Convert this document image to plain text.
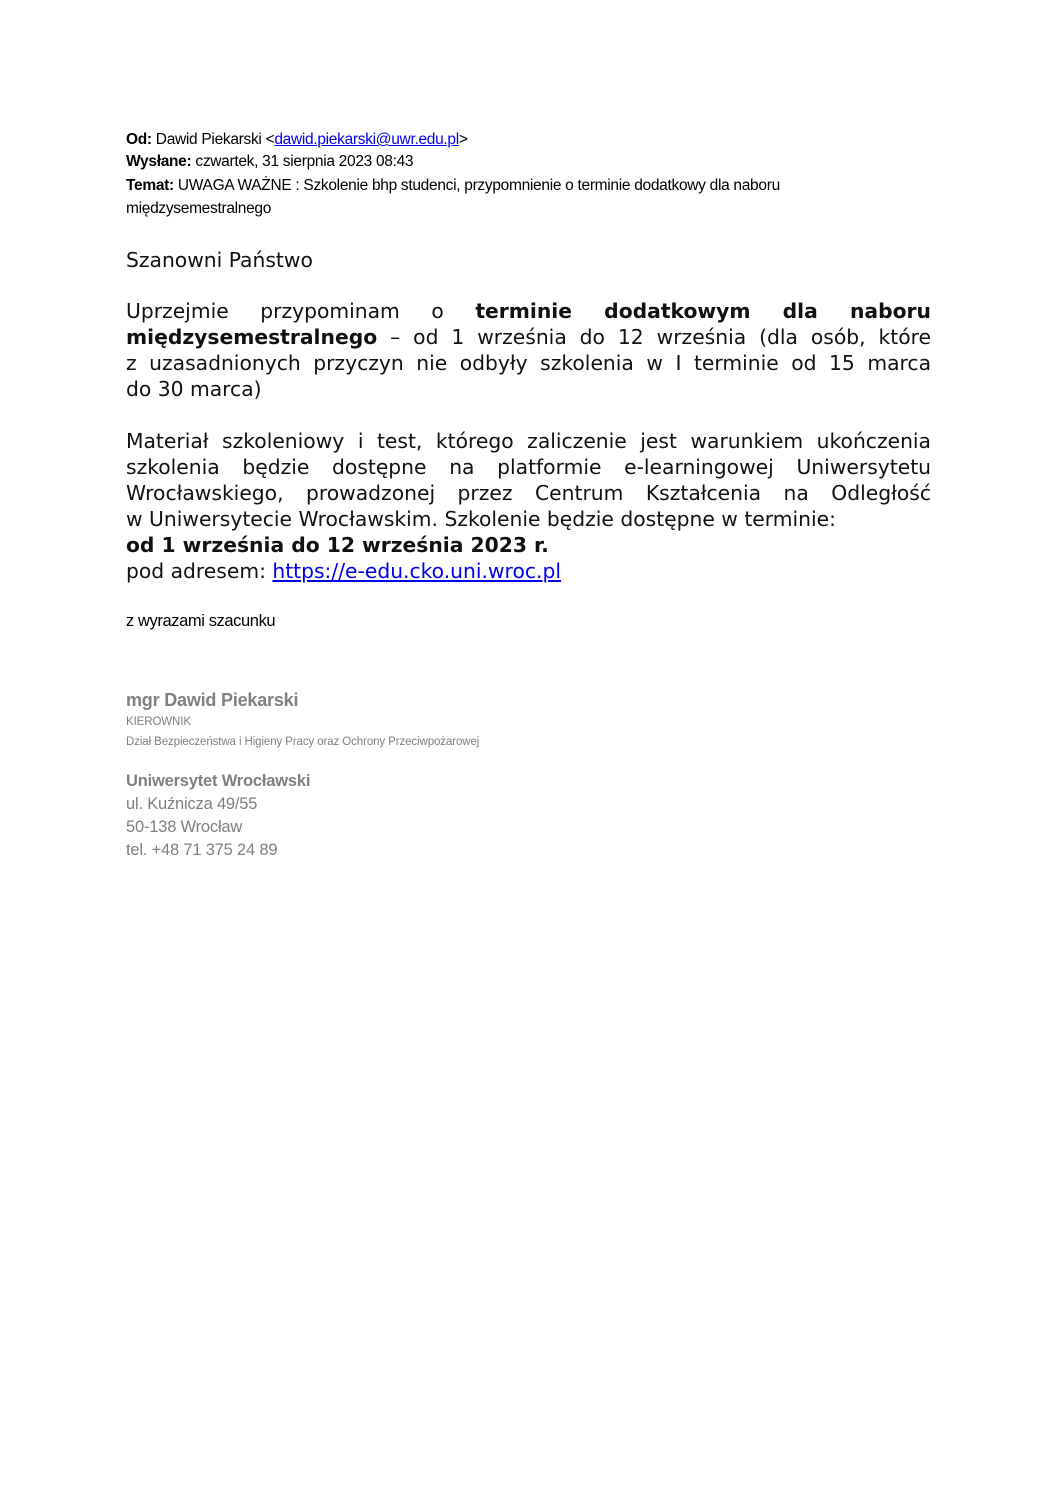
Od: Dawid Piekarski <dawid.piekarski@uwr.edu.pl>
Wysłane: czwartek, 31 sierpnia 2023 08:43
Temat: UWAGA WAŻNE : Szkolenie bhp studenci, przypomnienie o terminie dodatkowy dla naboru
międzysemestralnego
Szanowni Państwo
Uprzejmie przypominam o terminie dodatkowym dla naboru
międzysemestralnego – od 1 września do 12 września (dla osób, które
z uzasadnionych przyczyn nie odbyły szkolenia w I terminie od 15 marca
do 30 marca)
Materiał szkoleniowy i test, którego zaliczenie jest warunkiem ukończenia
szkolenia będzie dostępne na platformie e-learningowej Uniwersytetu
Wrocławskiego, prowadzonej przez Centrum Kształcenia na Odległość
w Uniwersytecie Wrocławskim. Szkolenie będzie dostępne w terminie:
od 1 września do 12 września 2023 r.
pod adresem: https://e-edu.cko.uni.wroc.pl
z wyrazami szacunku
mgr Dawid Piekarski
KIEROWNIK
Dział Bezpieczeństwa i Higieny Pracy oraz Ochrony Przeciwpożarowej
Uniwersytet Wrocławski
ul. Kuźnicza 49/55
50-138 Wrocław
tel. +48 71 375 24 89
